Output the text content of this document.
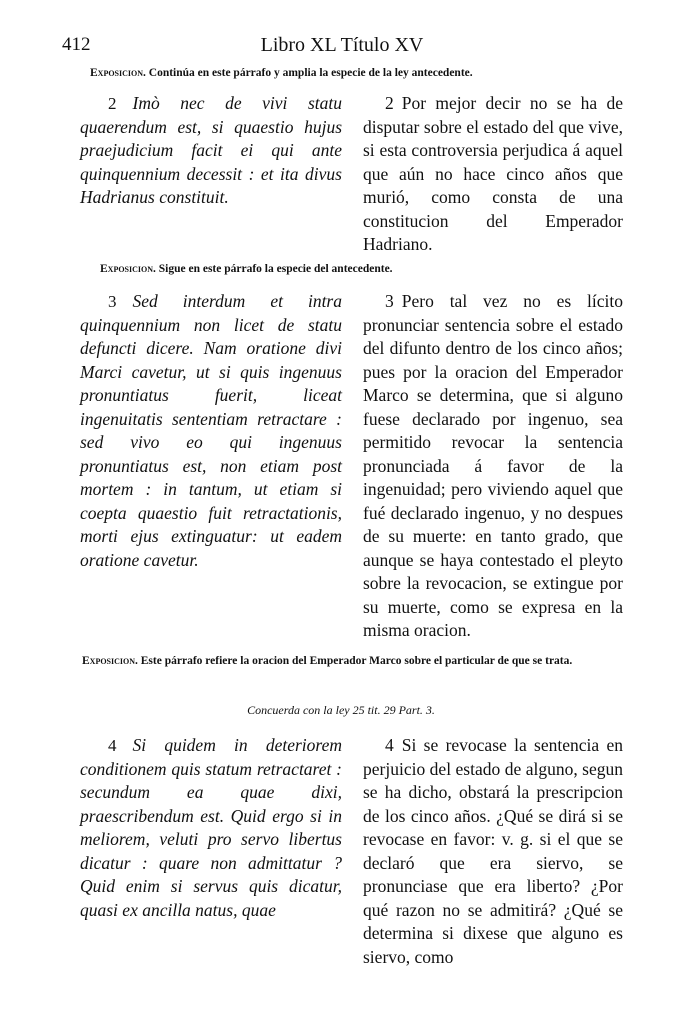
412	Libro XL Título XV
Exposicion. Continúa en este párrafo y amplia la especie de la ley antecedente.
2 Imò nec de vivi statu quaerendum est, si quaestio hujus praejudicium facit ei qui ante quinquennium decessit : et ita divus Hadrianus constituit.
2 Por mejor decir no se ha de disputar sobre el estado del que vive, si esta controversia perjudica á aquel que aún no hace cinco años que murió, como consta de una constitucion del Emperador Hadriano.
Exposicion. Sigue en este párrafo la especie del antecedente.
3 Sed interdum et intra quinquennium non licet de statu defuncti dicere. Nam oratione divi Marci cavetur, ut si quis ingenuus pronuntiatus fuerit, liceat ingenuitatis sententiam retractare : sed vivo eo qui ingenuus pronuntiatus est, non etiam post mortem : in tantum, ut etiam si coepta quaestio fuit retractationis, morti ejus extinguatur: ut eadem oratione cavetur.
3 Pero tal vez no es lícito pronunciar sentencia sobre el estado del difunto dentro de los cinco años; pues por la oracion del Emperador Marco se determina, que si alguno fuese declarado por ingenuo, sea permitido revocar la sentencia pronunciada á favor de la ingenuidad; pero viviendo aquel que fué declarado ingenuo, y no despues de su muerte: en tanto grado, que aunque se haya contestado el pleyto sobre la revocacion, se extingue por su muerte, como se expresa en la misma oracion.
Exposicion. Este párrafo refiere la oracion del Emperador Marco sobre el particular de que se trata.
Concuerda con la ley 25 tit. 29 Part. 3.
4 Si quidem in deteriorem conditionem quis statum retractaret : secundum ea quae dixi, praescribendum est. Quid ergo si in meliorem, veluti pro servo libertus dicatur : quare non admittatur ? Quid enim si servus quis dicatur, quasi ex ancilla natus, quae
4 Si se revocase la sentencia en perjuicio del estado de alguno, segun se ha dicho, obstará la prescripcion de los cinco años. ¿Qué se dirá si se revocase en favor: v. g. si el que se declaró que era siervo, se pronunciase que era liberto? ¿Por qué razon no se admitirá? ¿Qué se determina si dixese que alguno es siervo, como
